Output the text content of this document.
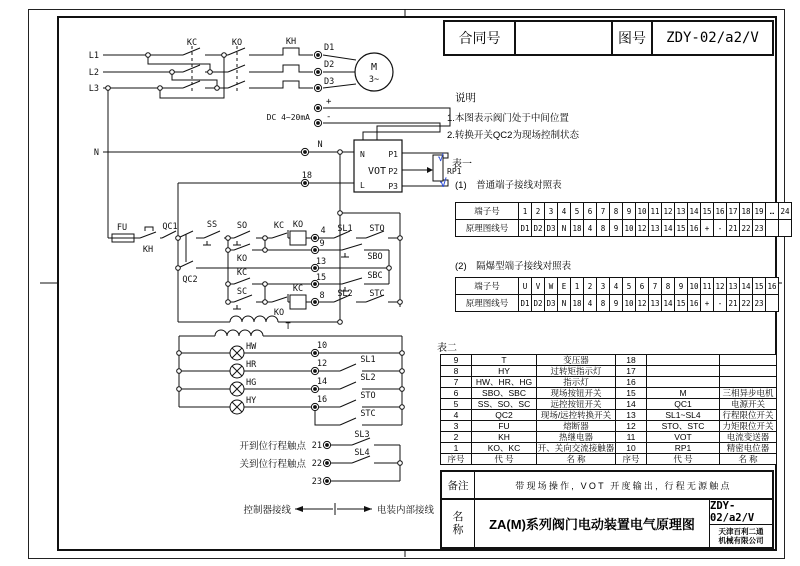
L1
L2
L3
KC	KO	KH
D1
D2
D3
M
3~
DC 4~20mA
+
-
N
N
18
N
L
VOT
P1
P2
P3
RP1
FU
KH
QC1
QC2
SS SO
SC
KC KO
KO
KC
KO
KC
4
9
13
15
8
SL1 STO
SL2 STC
SBO
SBC
T
HW
HR
HG
HY
10
12
14
16
SL1
SL2
STO
STC
21
22
23
SL3
SL4
开到位行程触点
关到位行程触点
控制器接线	电装内部接线
合同号	图号	ZDY-02/a2/V
说明
1.本图表示阀门处于中间位置
2.转换开关QC2为现场控制状态
√
表一
√ (1)　普通端子接线对照表
端子号	1	2	3	4	5	6	7	8	9	10	11	12	13	14	15	16	17	18	19	…	24
原理图线号	D1	D2	D3	N	18	4	8	9	10	12	13	14	15	16	+	-	21	22	23		
(2)　隔爆型端子接线对照表
端子号	U	V	W	E	1	2	3	4	5	6	7	8	9	10	11	12	13	14	15	16
原理图线号	D1	D2	D3	N	18	4	8	9	10	12	13	14	15	16	+	-	21	22	23	
表二
9	T	变压器	18		
8	HY	过转矩指示灯	17		
7	HW、HR、HG	指示灯	16		
6	SBO、SBC	现场按钮开关	15	M	三相异步电机
5	SS、SO、SC	远控按钮开关	14	QC1	电源开关
4	QC2	现场/远控转换开关	13	SL1~SL4	行程限位开关
3	FU	熔断器	12	STO、STC	力矩限位开关
2	KH	热继电器	11	VOT	电流变送器
1	KO、KC	开、关向交流接触器	10	RP1	精密电位器
序号	代 号	名 称	序号	代 号	名 称
备注	带现场操作, VOT 开度输出, 行程无源触点
名称	ZA(M)系列阀门电动装置电气原理图
ZDY-02/a2/V
天津百利二通
机械有限公司
